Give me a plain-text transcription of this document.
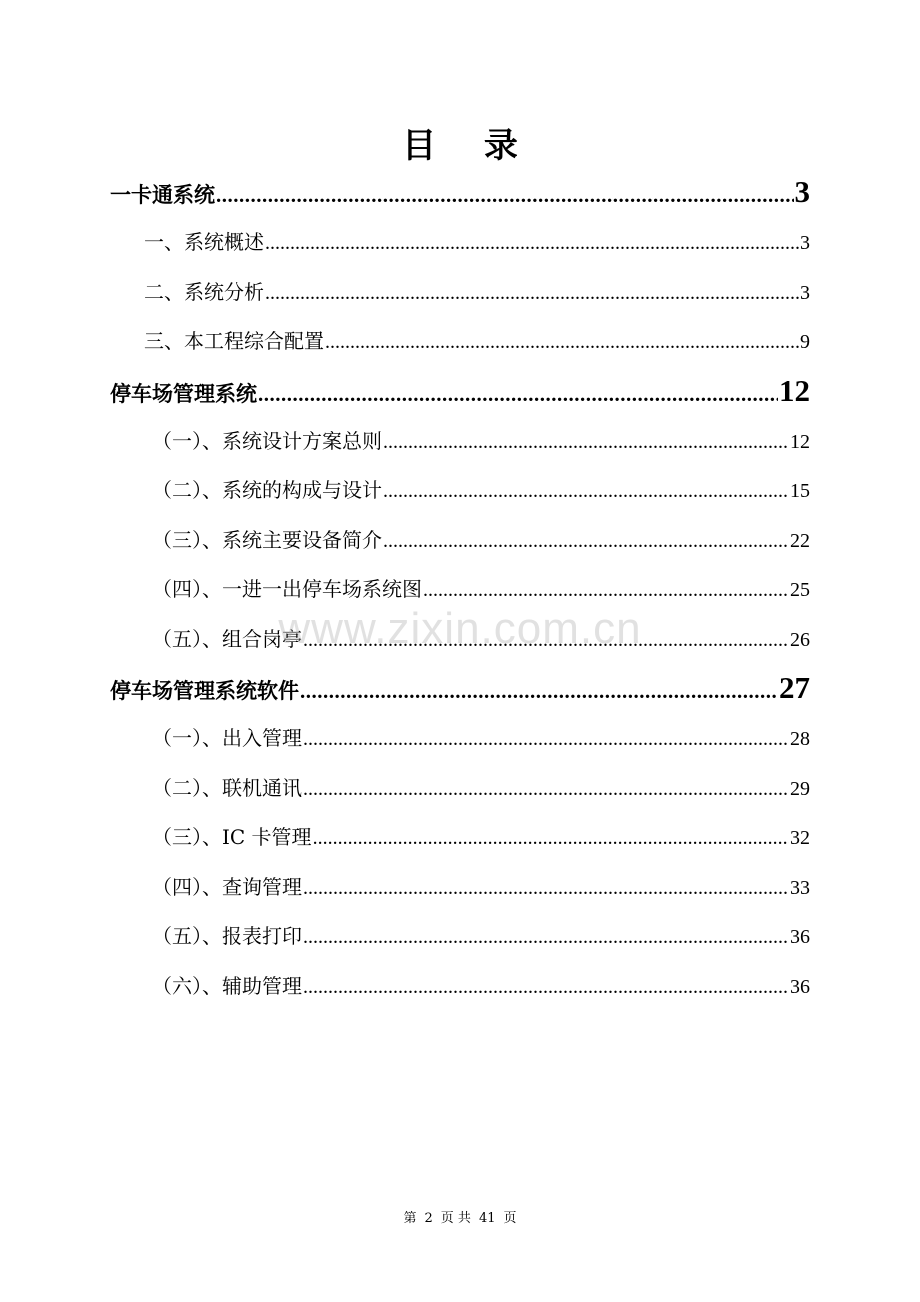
目 录
一卡通系统 .....	3
一、系统概述 .....	3
二、系统分析 .....	3
三、本工程综合配置 .....	9
停车场管理系统 .....	12
（一）、系统设计方案总则 .....	12
（二）、系统的构成与设计 .....	15
（三）、系统主要设备简介 .....	22
（四）、一进一出停车场系统图 .....	25
（五）、组合岗亭 .....	26
停车场管理系统软件 .....	27
（一）、出入管理 .....	28
（二）、联机通讯 .....	29
（三）、IC 卡管理 .....	32
（四）、查询管理 .....	33
（五）、报表打印 .....	36
（六）、辅助管理 .....	36
www.zixin.com.cn
第 2 页 共 41 页
